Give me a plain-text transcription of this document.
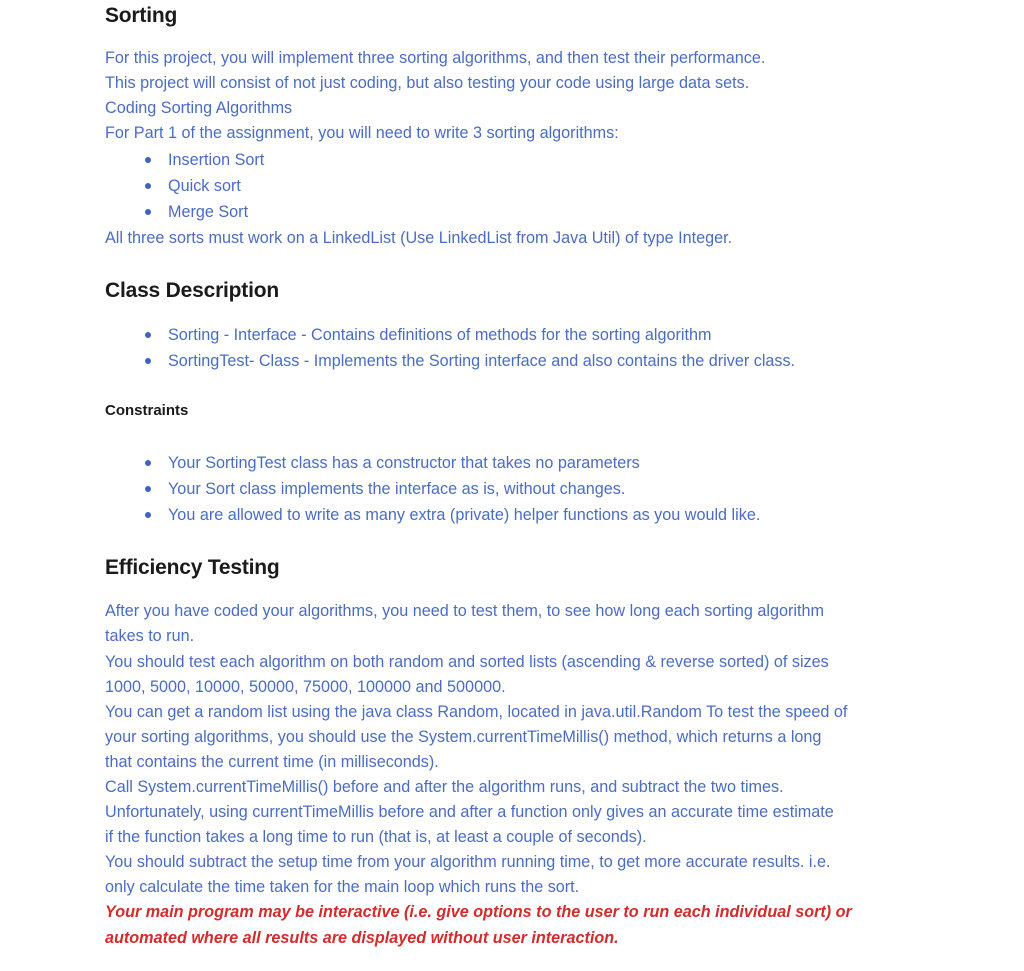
Sorting
For this project, you will implement three sorting algorithms, and then test their performance.
This project will consist of not just coding, but also testing your code using large data sets.
Coding Sorting Algorithms
For Part 1 of the assignment, you will need to write 3 sorting algorithms:
Insertion Sort
Quick sort
Merge Sort
All three sorts must work on a LinkedList (Use LinkedList from Java Util) of type Integer.
Class Description
Sorting - Interface - Contains definitions of methods for the sorting algorithm
SortingTest- Class - Implements the Sorting interface and also contains the driver class.
Constraints
Your SortingTest class has a constructor that takes no parameters
Your Sort class implements the interface as is, without changes.
You are allowed to write as many extra (private) helper functions as you would like.
Efficiency Testing
After you have coded your algorithms, you need to test them, to see how long each sorting algorithm
takes to run.
You should test each algorithm on both random and sorted lists (ascending & reverse sorted) of sizes
1000, 5000, 10000, 50000, 75000, 100000 and 500000.
You can get a random list using the java class Random, located in java.util.Random To test the speed of
your sorting algorithms, you should use the System.currentTimeMillis() method, which returns a long
that contains the current time (in milliseconds).
Call System.currentTimeMillis() before and after the algorithm runs, and subtract the two times.
Unfortunately, using currentTimeMillis before and after a function only gives an accurate time estimate
if the function takes a long time to run (that is, at least a couple of seconds).
You should subtract the setup time from your algorithm running time, to get more accurate results. i.e.
only calculate the time taken for the main loop which runs the sort.
Your main program may be interactive (i.e. give options to the user to run each individual sort) or
automated where all results are displayed without user interaction.
